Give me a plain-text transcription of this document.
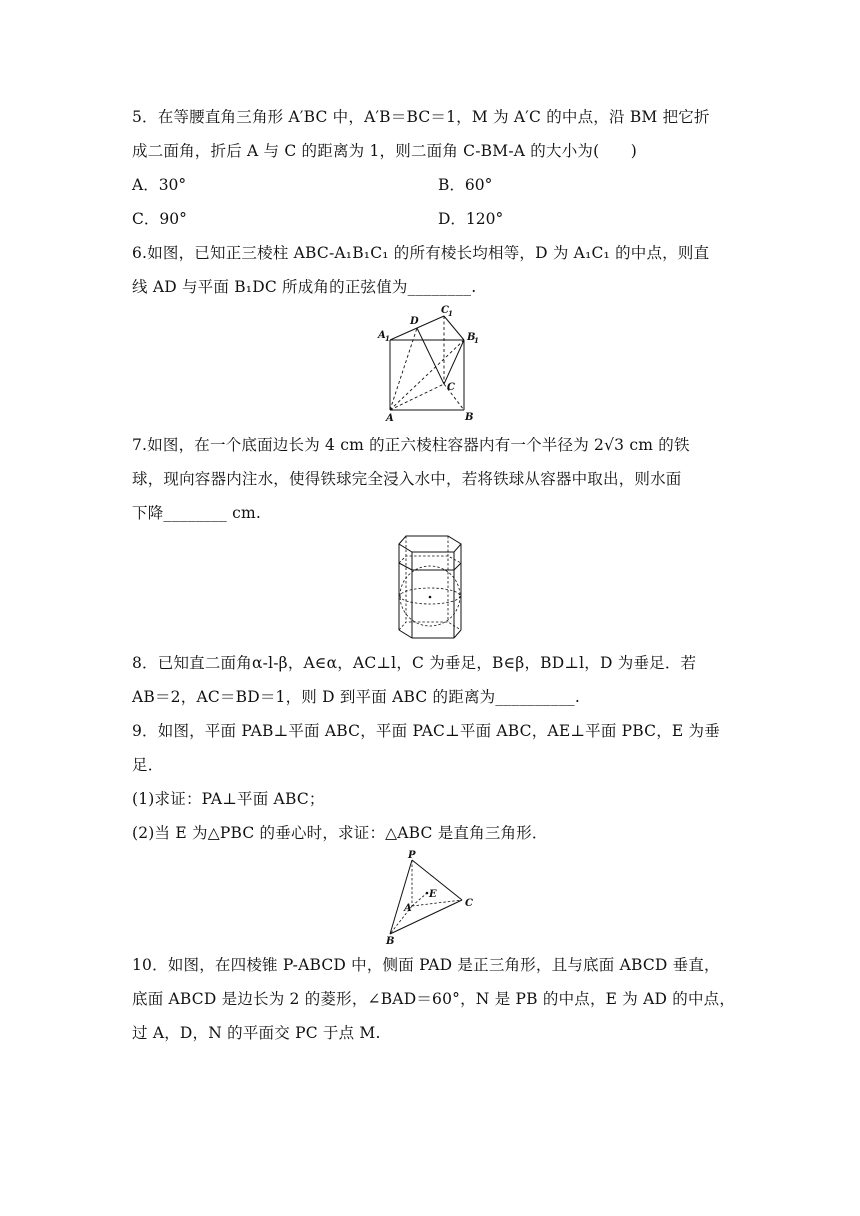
5．在等腰直角三角形 A′BC 中，A′B＝BC＝1，M 为 A′C 的中点，沿 BM 把它折
成二面角，折后 A 与 C 的距离为 1，则二面角 C-BM-A 的大小为(　　)
A．30°	B．60°
C．90°	D．120°
6.如图，已知正三棱柱 ABC-A₁B₁C₁ 的所有棱长均相等，D 为 A₁C₁ 的中点，则直
线 AD 与平面 B₁DC 所成角的正弦值为________.
A 1
D
C 1
B
1
C
A	B
7.如图，在一个底面边长为 4 cm 的正六棱柱容器内有一个半径为 2√3 cm 的铁
球，现向容器内注水，使得铁球完全浸入水中，若将铁球从容器中取出，则水面
下降________ cm.
8．已知直二面角α-l-β，A∈α，AC⊥l，C 为垂足，B∈β，BD⊥l，D 为垂足．若
AB＝2，AC＝BD＝1，则 D 到平面 ABC 的距离为__________.
9．如图，平面 PAB⊥平面 ABC，平面 PAC⊥平面 ABC，AE⊥平面 PBC，E 为垂
足．
(1)求证：PA⊥平面 ABC；
(2)当 E 为△PBC 的垂心时，求证：△ABC 是直角三角形．
P
A
E
C
B
10．如图，在四棱锥 P-ABCD 中，侧面 PAD 是正三角形，且与底面 ABCD 垂直，
底面 ABCD 是边长为 2 的菱形，∠BAD＝60°，N 是 PB 的中点，E 为 AD 的中点，
过 A，D，N 的平面交 PC 于点 M.
